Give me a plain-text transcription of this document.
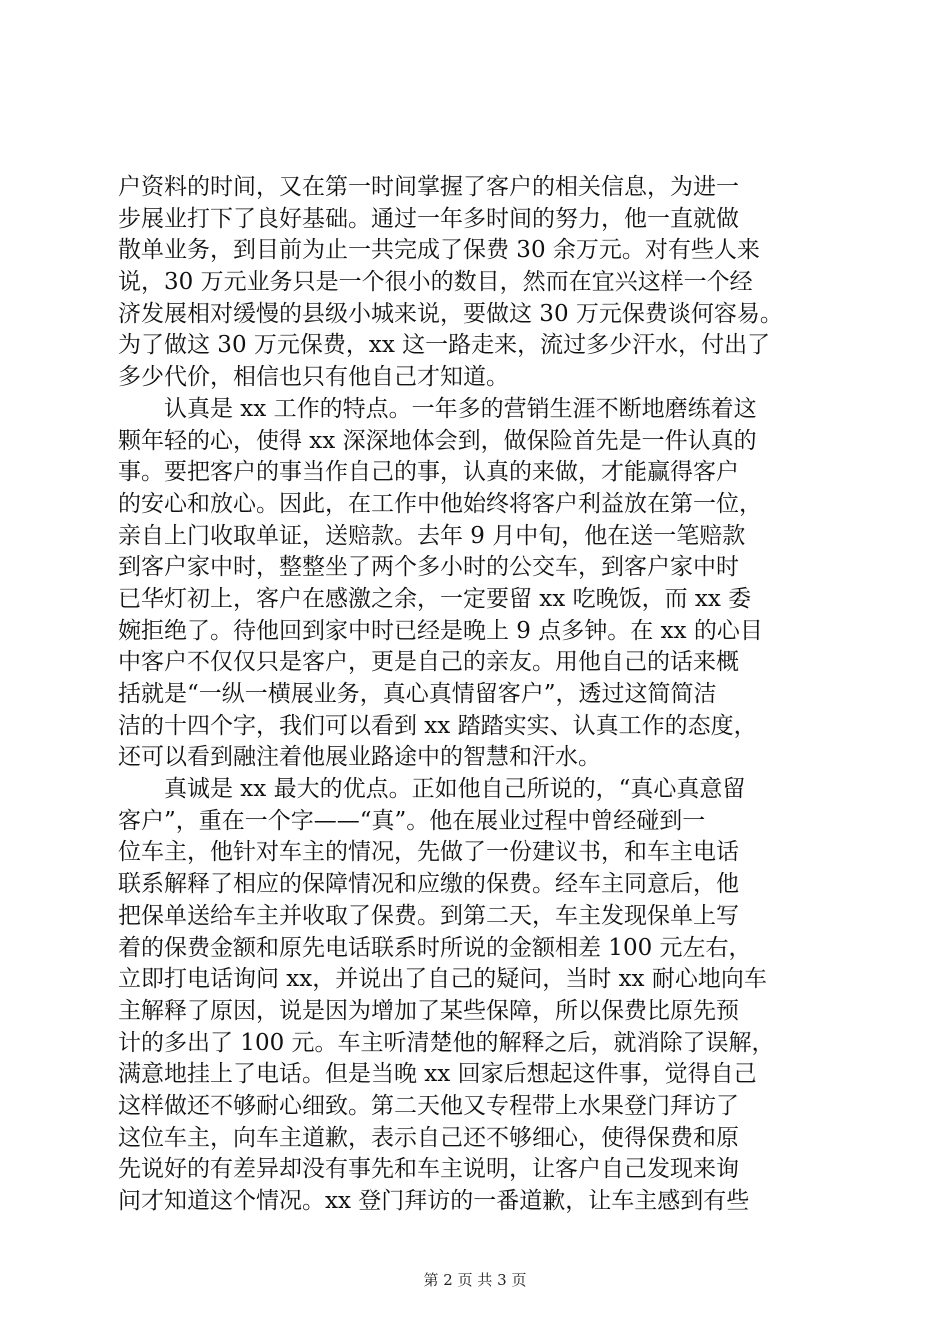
户资料的时间，又在第一时间掌握了客户的相关信息，为进一
步展业打下了良好基础。通过一年多时间的努力，他一直就做
散单业务，到目前为止一共完成了保费 30 余万元。对有些人来
说，30 万元业务只是一个很小的数目，然而在宜兴这样一个经
济发展相对缓慢的县级小城来说，要做这 30 万元保费谈何容易。
为了做这 30 万元保费，xx 这一路走来，流过多少汗水，付出了
多少代价，相信也只有他自己才知道。
　　认真是 xx 工作的特点。一年多的营销生涯不断地磨练着这
颗年轻的心，使得 xx 深深地体会到，做保险首先是一件认真的
事。要把客户的事当作自己的事，认真的来做，才能赢得客户
的安心和放心。因此，在工作中他始终将客户利益放在第一位，
亲自上门收取单证，送赔款。去年 9 月中旬，他在送一笔赔款
到客户家中时，整整坐了两个多小时的公交车，到客户家中时
已华灯初上，客户在感激之余，一定要留 xx 吃晚饭，而 xx 委
婉拒绝了。待他回到家中时已经是晚上 9 点多钟。在 xx 的心目
中客户不仅仅只是客户，更是自己的亲友。用他自己的话来概
括就是“一纵一横展业务，真心真情留客户”，透过这简简洁
洁的十四个字，我们可以看到 xx 踏踏实实、认真工作的态度，
还可以看到融注着他展业路途中的智慧和汗水。
　　真诚是 xx 最大的优点。正如他自己所说的，“真心真意留
客户”，重在一个字——“真”。他在展业过程中曾经碰到一
位车主，他针对车主的情况，先做了一份建议书，和车主电话
联系解释了相应的保障情况和应缴的保费。经车主同意后，他
把保单送给车主并收取了保费。到第二天，车主发现保单上写
着的保费金额和原先电话联系时所说的金额相差 100 元左右，
立即打电话询问 xx，并说出了自己的疑问，当时 xx 耐心地向车
主解释了原因，说是因为增加了某些保障，所以保费比原先预
计的多出了 100 元。车主听清楚他的解释之后，就消除了误解，
满意地挂上了电话。但是当晚 xx 回家后想起这件事，觉得自己
这样做还不够耐心细致。第二天他又专程带上水果登门拜访了
这位车主，向车主道歉，表示自己还不够细心，使得保费和原
先说好的有差异却没有事先和车主说明，让客户自己发现来询
问才知道这个情况。xx 登门拜访的一番道歉，让车主感到有些
第 2 页 共 3 页
